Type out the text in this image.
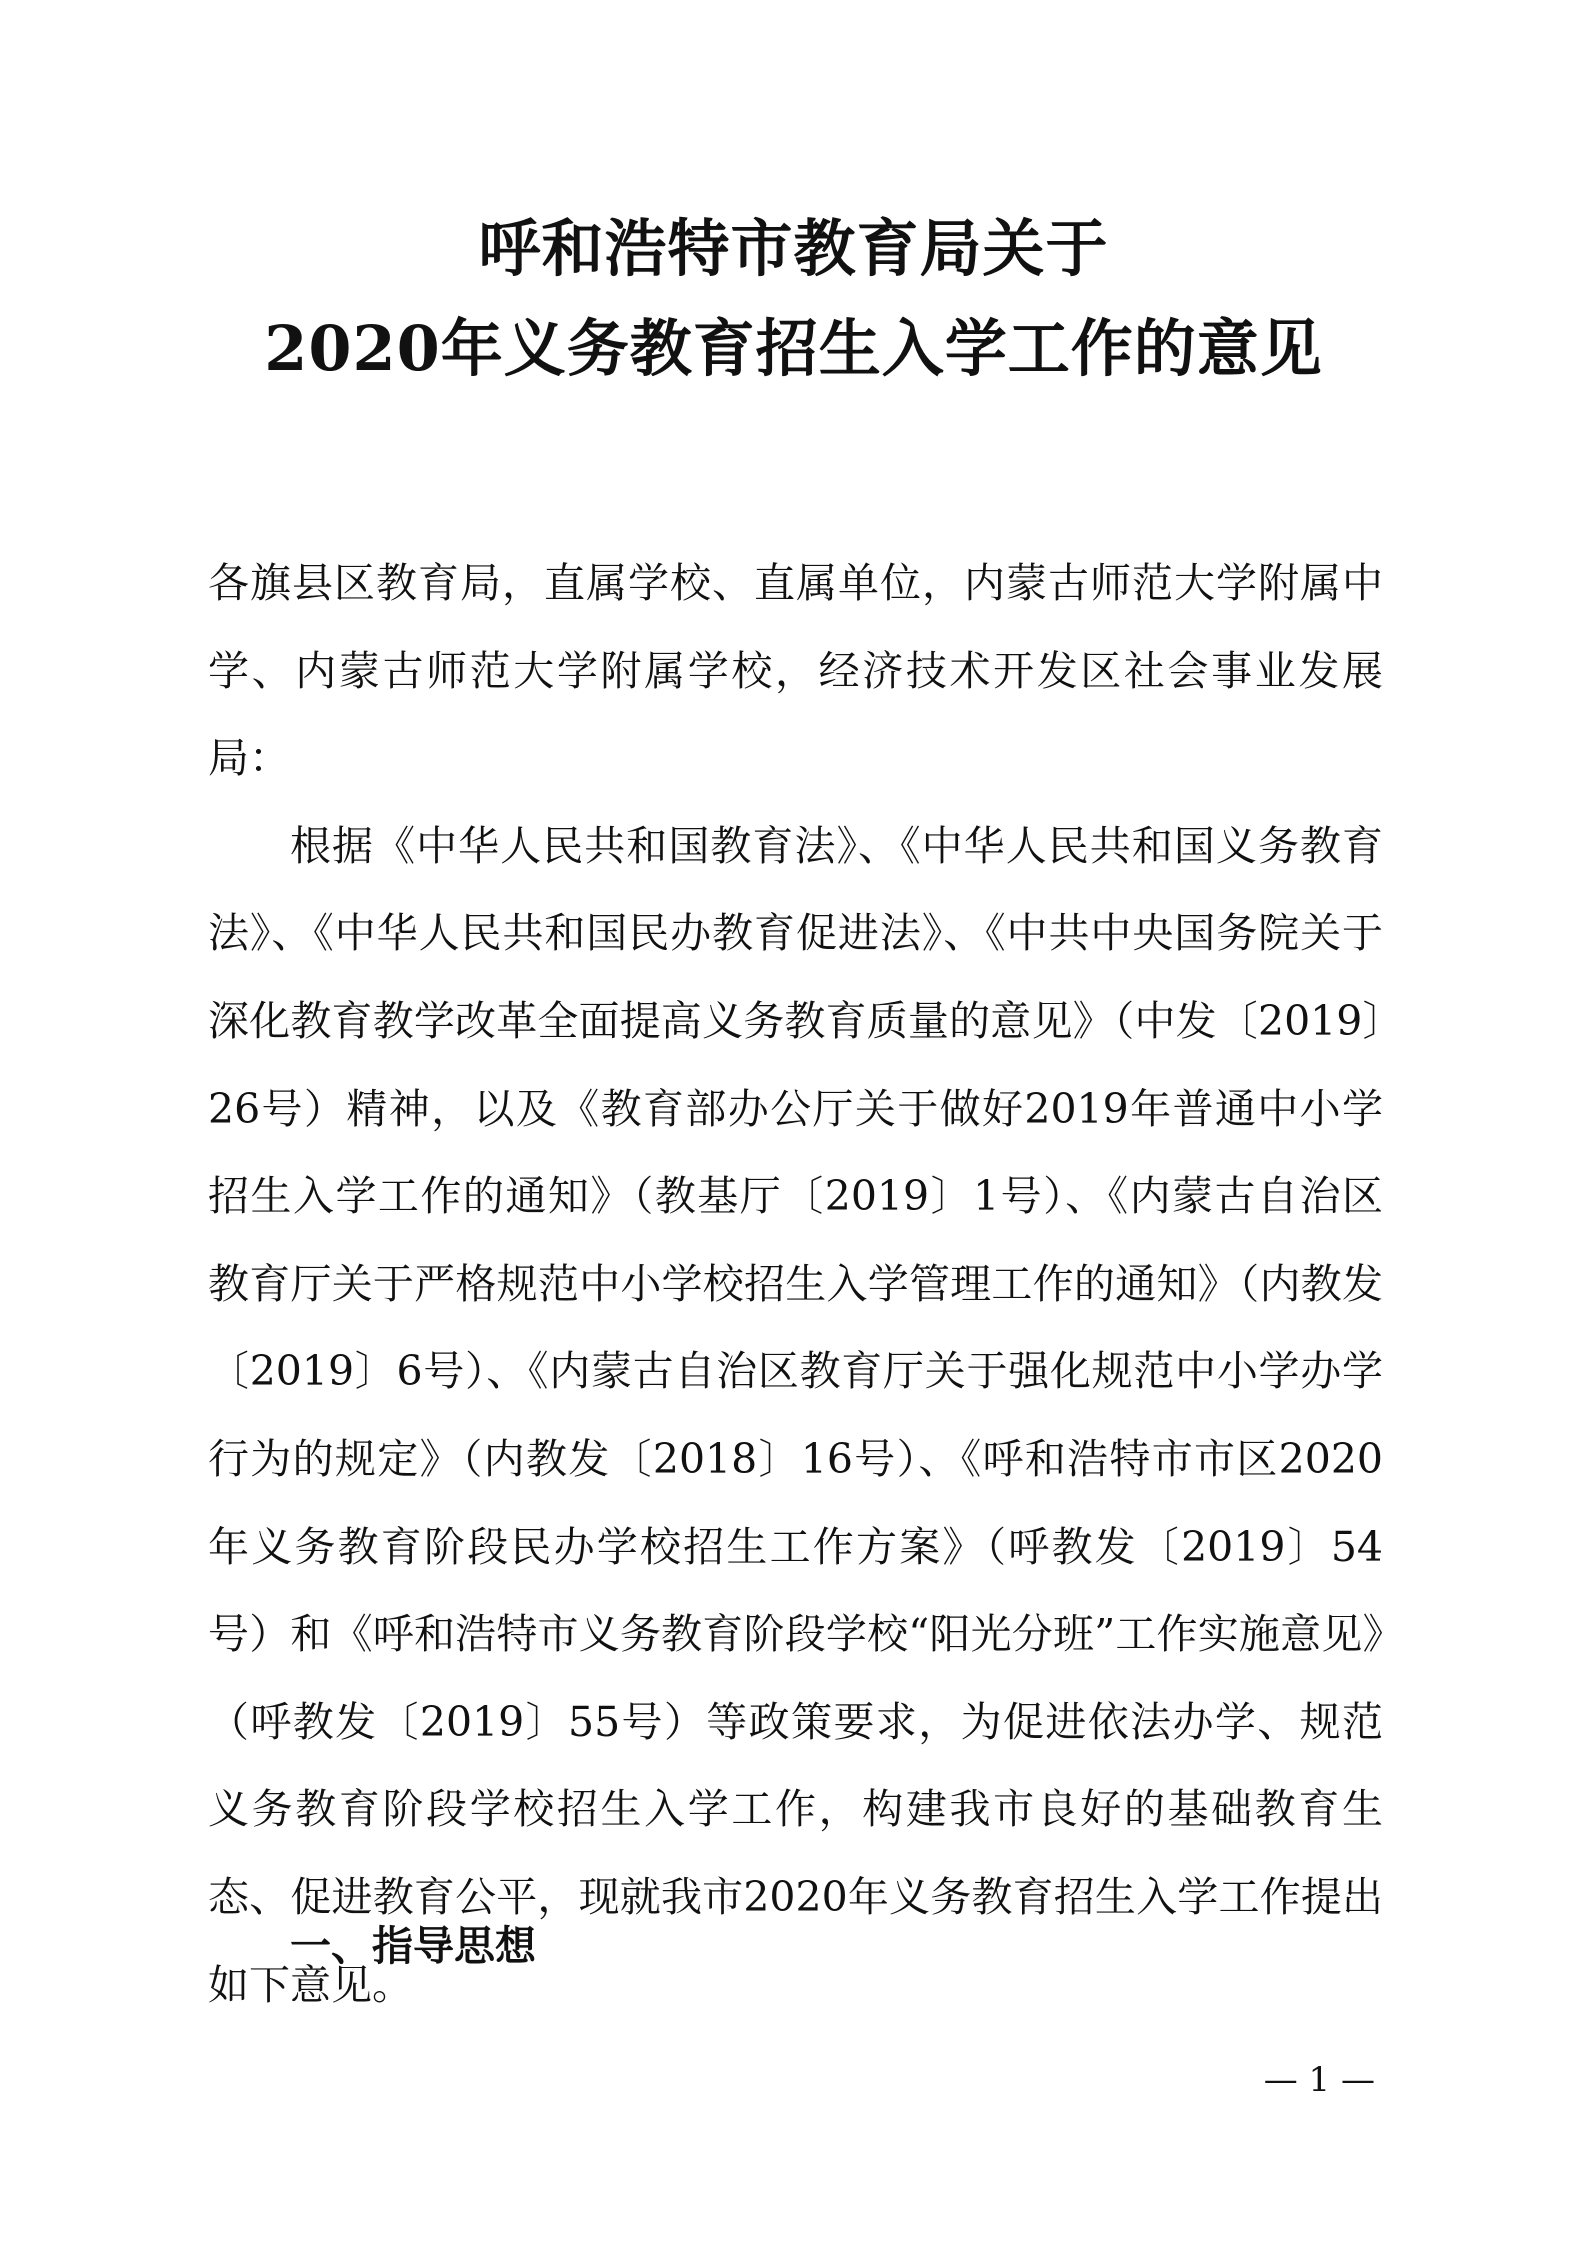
呼和浩特市教育局关于
2020年义务教育招生入学工作的意见

各旗县区教育局，直属学校、直属单位，内蒙古师范大学附属中学、内蒙古师范大学附属学校，经济技术开发区社会事业发展局：

根据《中华人民共和国教育法》、《中华人民共和国义务教育法》、《中华人民共和国民办教育促进法》、《中共中央国务院关于深化教育教学改革全面提高义务教育质量的意见》（中发〔2019〕26号）精神，以及《教育部办公厅关于做好2019年普通中小学招生入学工作的通知》（教基厅〔2019〕1号）、《内蒙古自治区教育厅关于严格规范中小学校招生入学管理工作的通知》（内教发〔2019〕6号）、《内蒙古自治区教育厅关于强化规范中小学办学行为的规定》（内教发〔2018〕16号）、《呼和浩特市市区2020年义务教育阶段民办学校招生工作方案》（呼教发〔2019〕54号）和《呼和浩特市义务教育阶段学校“阳光分班”工作实施意见》（呼教发〔2019〕55号）等政策要求，为促进依法办学、规范义务教育阶段学校招生入学工作，构建我市良好的基础教育生态、促进教育公平，现就我市2020年义务教育招生入学工作提出如下意见。

一、指导思想
— 1 —
